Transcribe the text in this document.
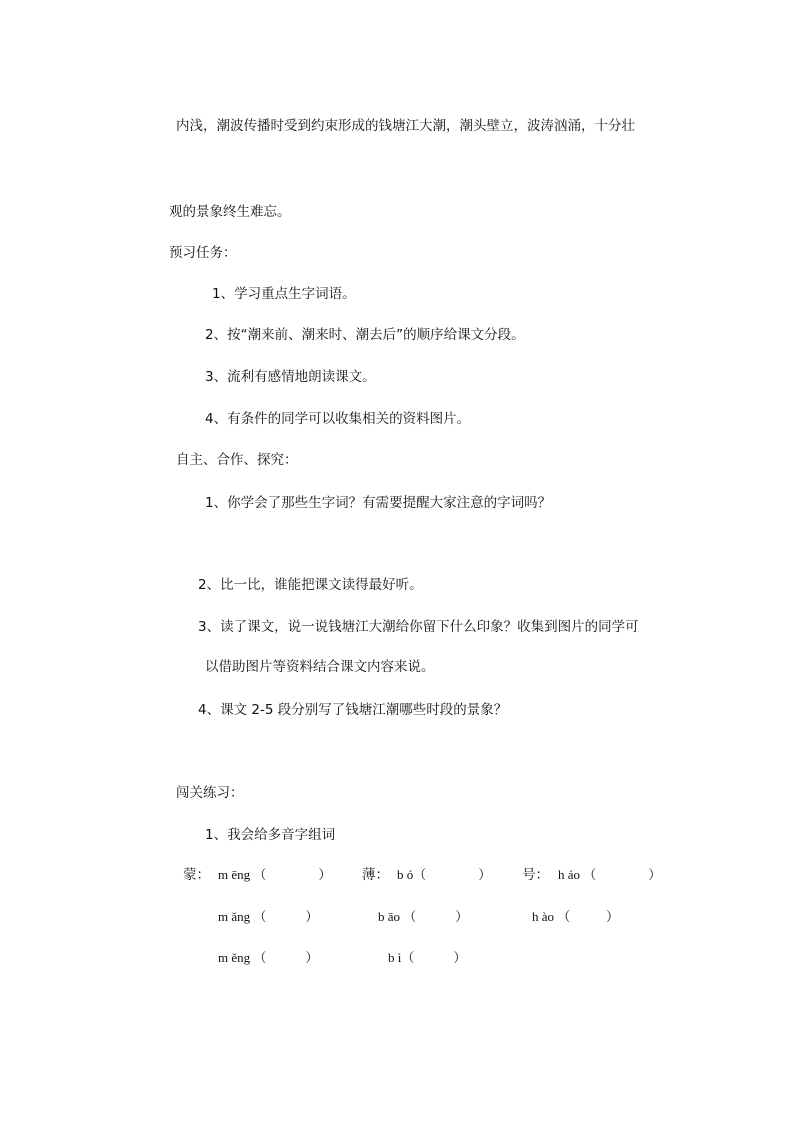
内浅，潮波传播时受到约束形成的钱塘江大潮，潮头壁立，波涛汹涌，十分壮
观的景象终生难忘。
预习任务：
1、学习重点生字词语。
2、按“潮来前、潮来时、潮去后”的顺序给课文分段。
3、流利有感情地朗读课文。
4、有条件的同学可以收集相关的资料图片。
自主、合作、探究：
1、你学会了那些生字词？有需要提醒大家注意的字词吗？
2、比一比，谁能把课文读得最好听。
3、读了课文，说一说钱塘江大潮给你留下什么印象？收集到图片的同学可
以借助图片等资料结合课文内容来说。
4、课文 2-5 段分别写了钱塘江潮哪些时段的景象？
闯关练习：
1、我会给多音字组词
蒙： m ēng （                ） 薄： b ó（                ） 号： h áo （                ）
m ǎng （            ）	b āo （            ）	h ào （           ）
m ěng （            ）	b ì（            ）
